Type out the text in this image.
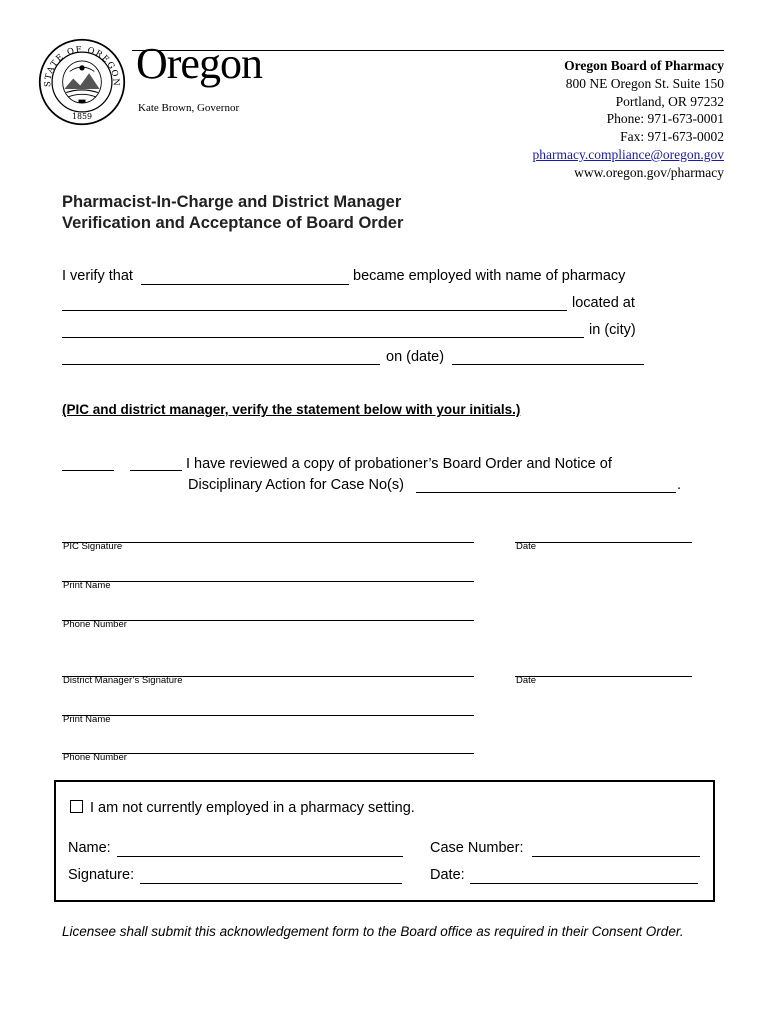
STATE OF OREGON
1859
Oregon
Kate Brown, Governor
Oregon Board of Pharmacy
800 NE Oregon St. Suite 150
Portland, OR 97232
Phone: 971-673-0001
Fax: 971-673-0002
pharmacy.compliance@oregon.gov
www.oregon.gov/pharmacy
Pharmacist-In-Charge and District Manager
Verification and Acceptance of Board Order
I verify that	became employed with name of pharmacy
located at
in (city)
on (date)
(PIC and district manager, verify the statement below with your initials.)
I have reviewed a copy of probationer’s Board Order and Notice of
Disciplinary Action for Case No(s)	.
PIC Signature	Date
Print Name
Phone Number
District Manager’s Signature	Date
Print Name
Phone Number
I am not currently employed in a pharmacy setting.
Name:	Case Number:
Signature:	Date:
Licensee shall submit this acknowledgement form to the Board office as required in their Consent Order.
